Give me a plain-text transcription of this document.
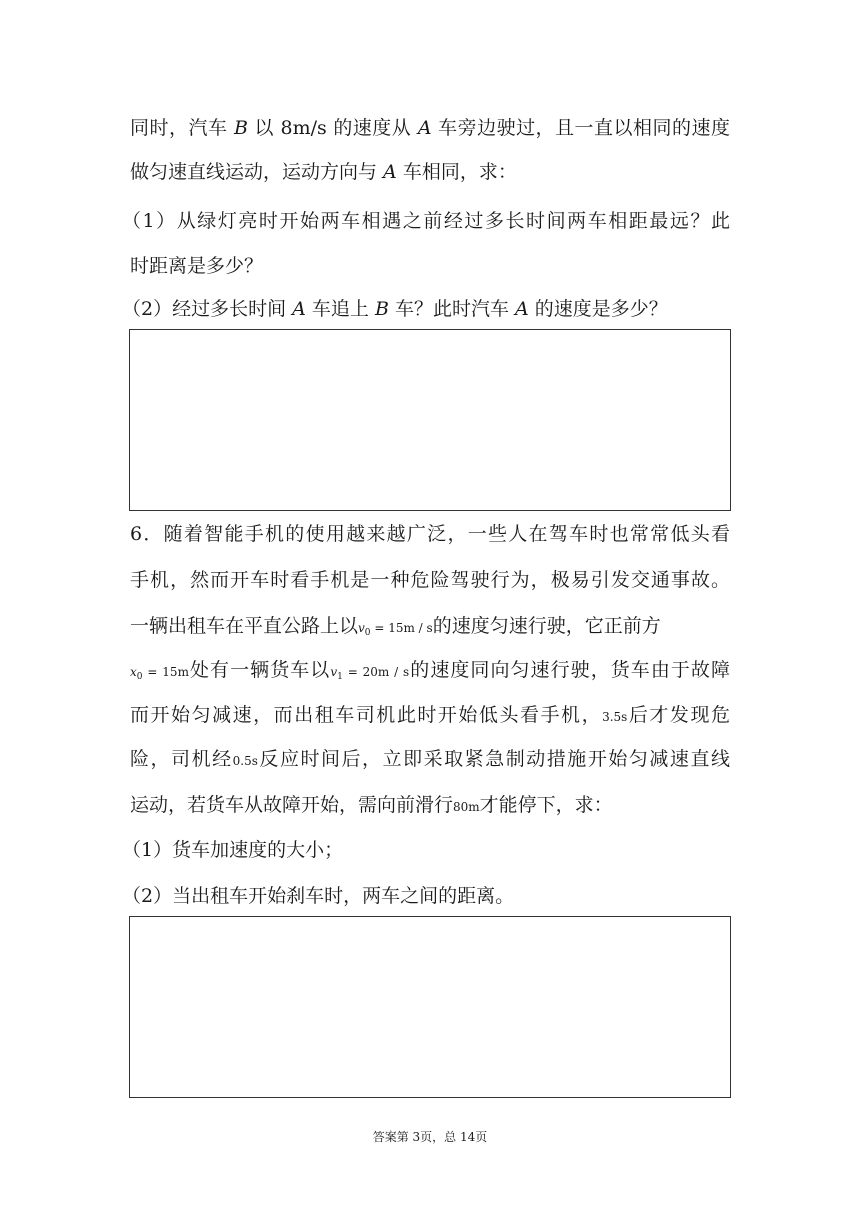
同时，汽车 B 以 8m/s 的速度从 A 车旁边驶过，且一直以相同的速度
做匀速直线运动，运动方向与 A 车相同，求：
（1）从绿灯亮时开始两车相遇之前经过多长时间两车相距最远？此
时距离是多少？
（2）经过多长时间 A 车追上 B 车？此时汽车 A 的速度是多少？
6．随着智能手机的使用越来越广泛，一些人在驾车时也常常低头看
手机，然而开车时看手机是一种危险驾驶行为，极易引发交通事故。
一辆出租车在平直公路上以$v_0 = 15m / s$的速度匀速行驶，它正前方
$x_0 = 15m$处有一辆货车以$v_1 = 20m / s$的速度同向匀速行驶，货车由于故障
而开始匀减速，而出租车司机此时开始低头看手机，3.5s后才发现危
险，司机经0.5s反应时间后，立即采取紧急制动措施开始匀减速直线
运动，若货车从故障开始，需向前滑行80m才能停下，求：
（1）货车加速度的大小；
（2）当出租车开始刹车时，两车之间的距离。
答案第 3页，总 14页
